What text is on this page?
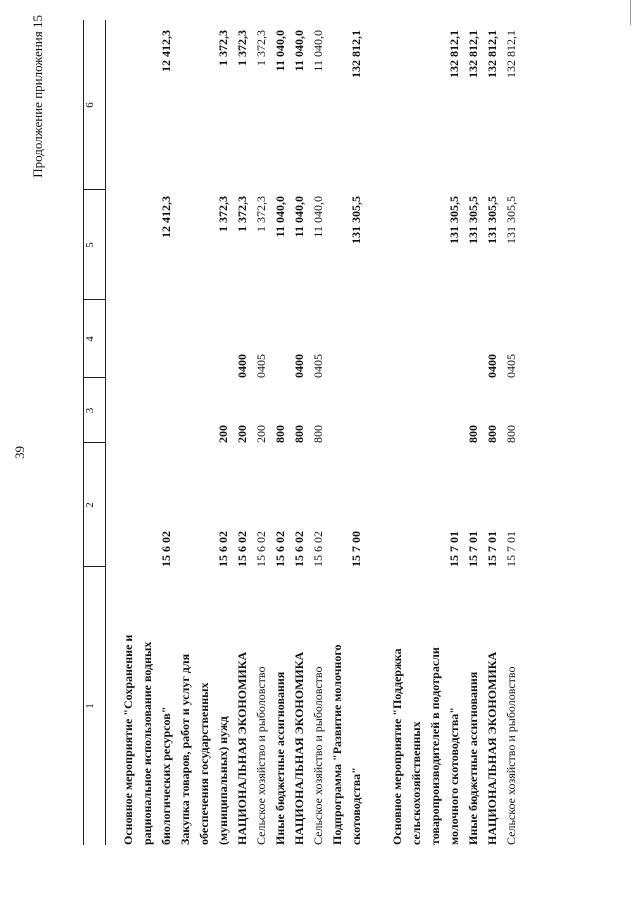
39
Продолжение приложения 15
1
2
3
4
5
6
Основное мероприятие "Сохранение и рациональное использование водных биологических ресурсов"
15 6 02
12 412,3
12 412,3
Закупка товаров, работ и услуг для обеспечения государственных (муниципальных) нужд
15 6 02
200
1 372,3
1 372,3
НАЦИОНАЛЬНАЯ ЭКОНОМИКА
15 6 02
200
0400
1 372,3
1 372,3
Сельское хозяйство и рыболовство
15 6 02
200
0405
1 372,3
1 372,3
Иные бюджетные ассигнования
15 6 02
800
11 040,0
11 040,0
НАЦИОНАЛЬНАЯ ЭКОНОМИКА
15 6 02
800
0400
11 040,0
11 040,0
Сельское хозяйство и рыболовство
15 6 02
800
0405
11 040,0
11 040,0
Подпрограмма "Развитие молочного скотоводства"
15 7 00
131 305,5
132 812,1
Основное мероприятие "Поддержка сельскохозяйственных товаропроизводителей в подотрасли молочного скотоводства"
15 7 01
131 305,5
132 812,1
Иные бюджетные ассигнования
15 7 01
800
131 305,5
132 812,1
НАЦИОНАЛЬНАЯ ЭКОНОМИКА
15 7 01
800
0400
131 305,5
132 812,1
Сельское хозяйство и рыболовство
15 7 01
800
0405
131 305,5
132 812,1
